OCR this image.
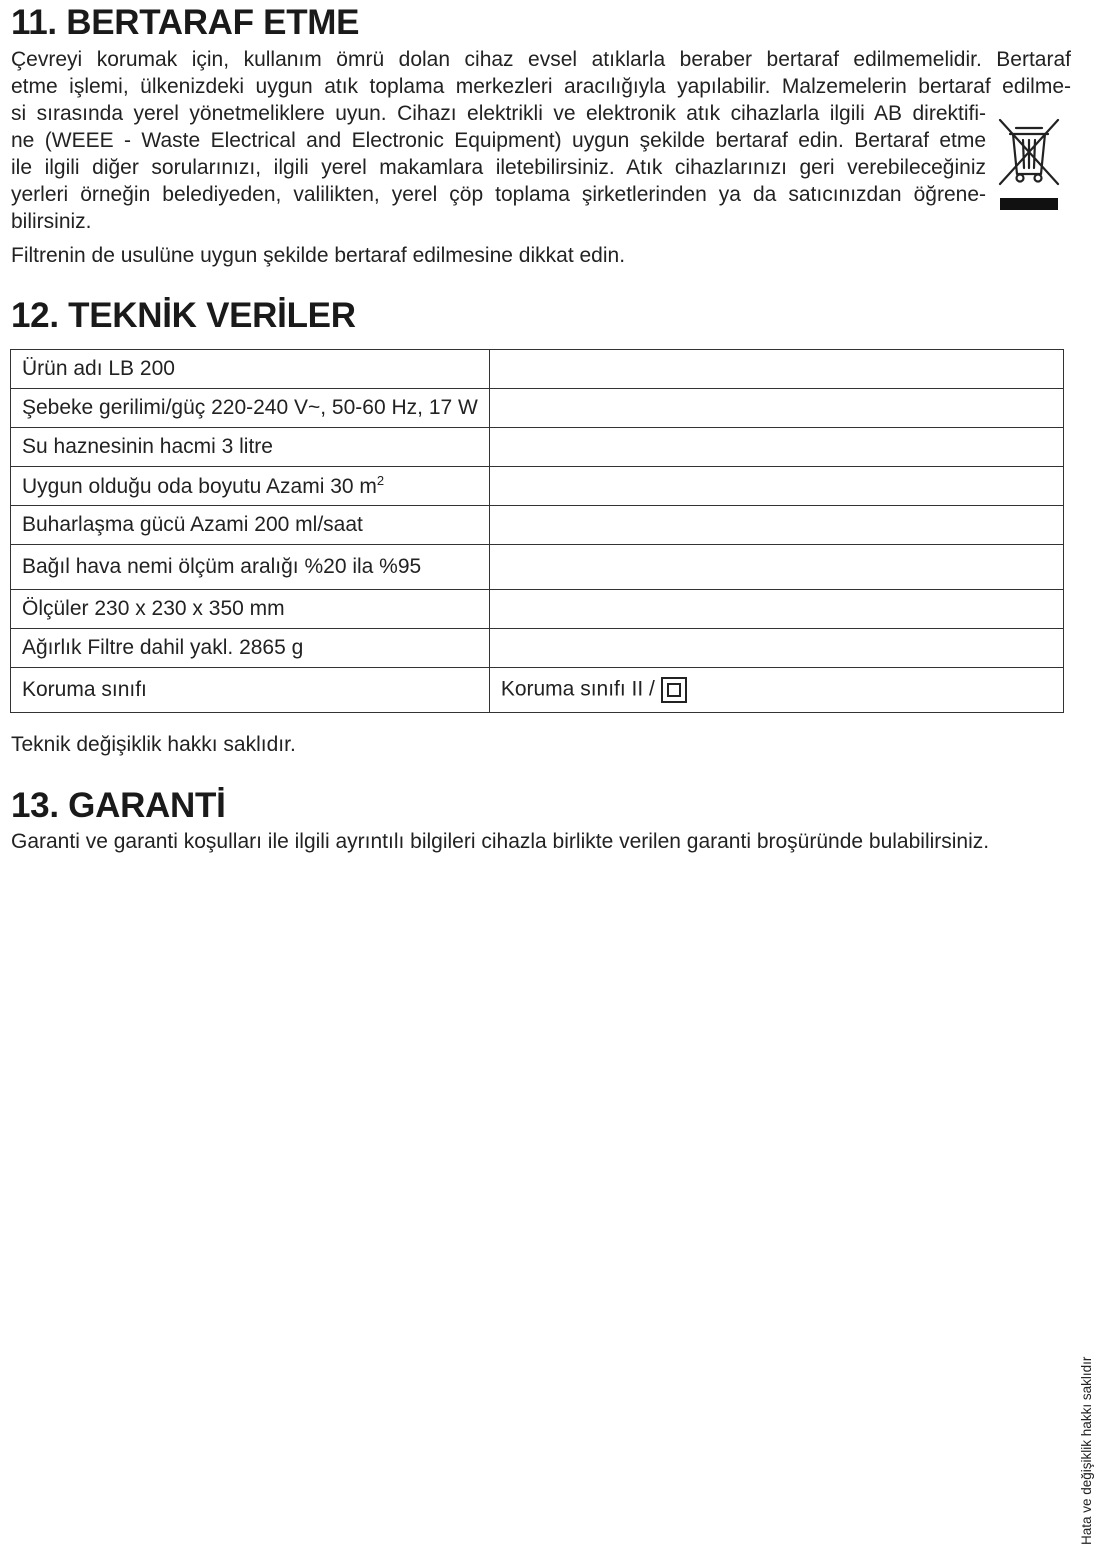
11. BERTARAF ETME
Çevreyi korumak için, kullanım ömrü dolan cihaz evsel atıklarla beraber bertaraf edilmemelidir. Bertaraf
etme işlemi, ülkenizdeki uygun atık toplama merkezleri aracılığıyla yapılabilir. Malzemelerin bertaraf edilme-
si sırasında yerel yönetmeliklere uyun. Cihazı elektrikli ve elektronik atık cihazlarla ilgili AB direktifi-
ne (WEEE - Waste Electrical and Electronic Equipment) uygun şekilde bertaraf edin. Bertaraf etme
ile ilgili diğer sorularınızı, ilgili yerel makamlara iletebilirsiniz. Atık cihazlarınızı geri verebileceğiniz
yerleri örneğin belediyeden, valilikten, yerel çöp toplama şirketlerinden ya da satıcınızdan öğrene-
bilirsiniz.

Filtrenin de usulüne uygun şekilde bertaraf edilmesine dikkat edin.

12. TEKNİK VERİLER
Ürün adı LB 200	
Şebeke gerilimi/güç 220-240 V~, 50-60 Hz, 17 W	
Su haznesinin hacmi 3 litre	
Uygun olduğu oda boyutu Azami 30 $m^2$	
Buharlaşma gücü Azami 200 ml/saat	
Bağıl hava nemi ölçüm aralığı %20 ila %95	
Ölçüler 230 x 230 x 350 mm	
Ağırlık Filtre dahil yakl. 2865 g	
Koruma sınıfı	Koruma sınıfı II /

Teknik değişiklik hakkı saklıdır.

13. GARANTİ

Garanti ve garanti koşulları ile ilgili ayrıntılı bilgileri cihazla birlikte verilen garanti broşüründe bulabilirsiniz.

Hata ve değişiklik hakkı saklıdır
